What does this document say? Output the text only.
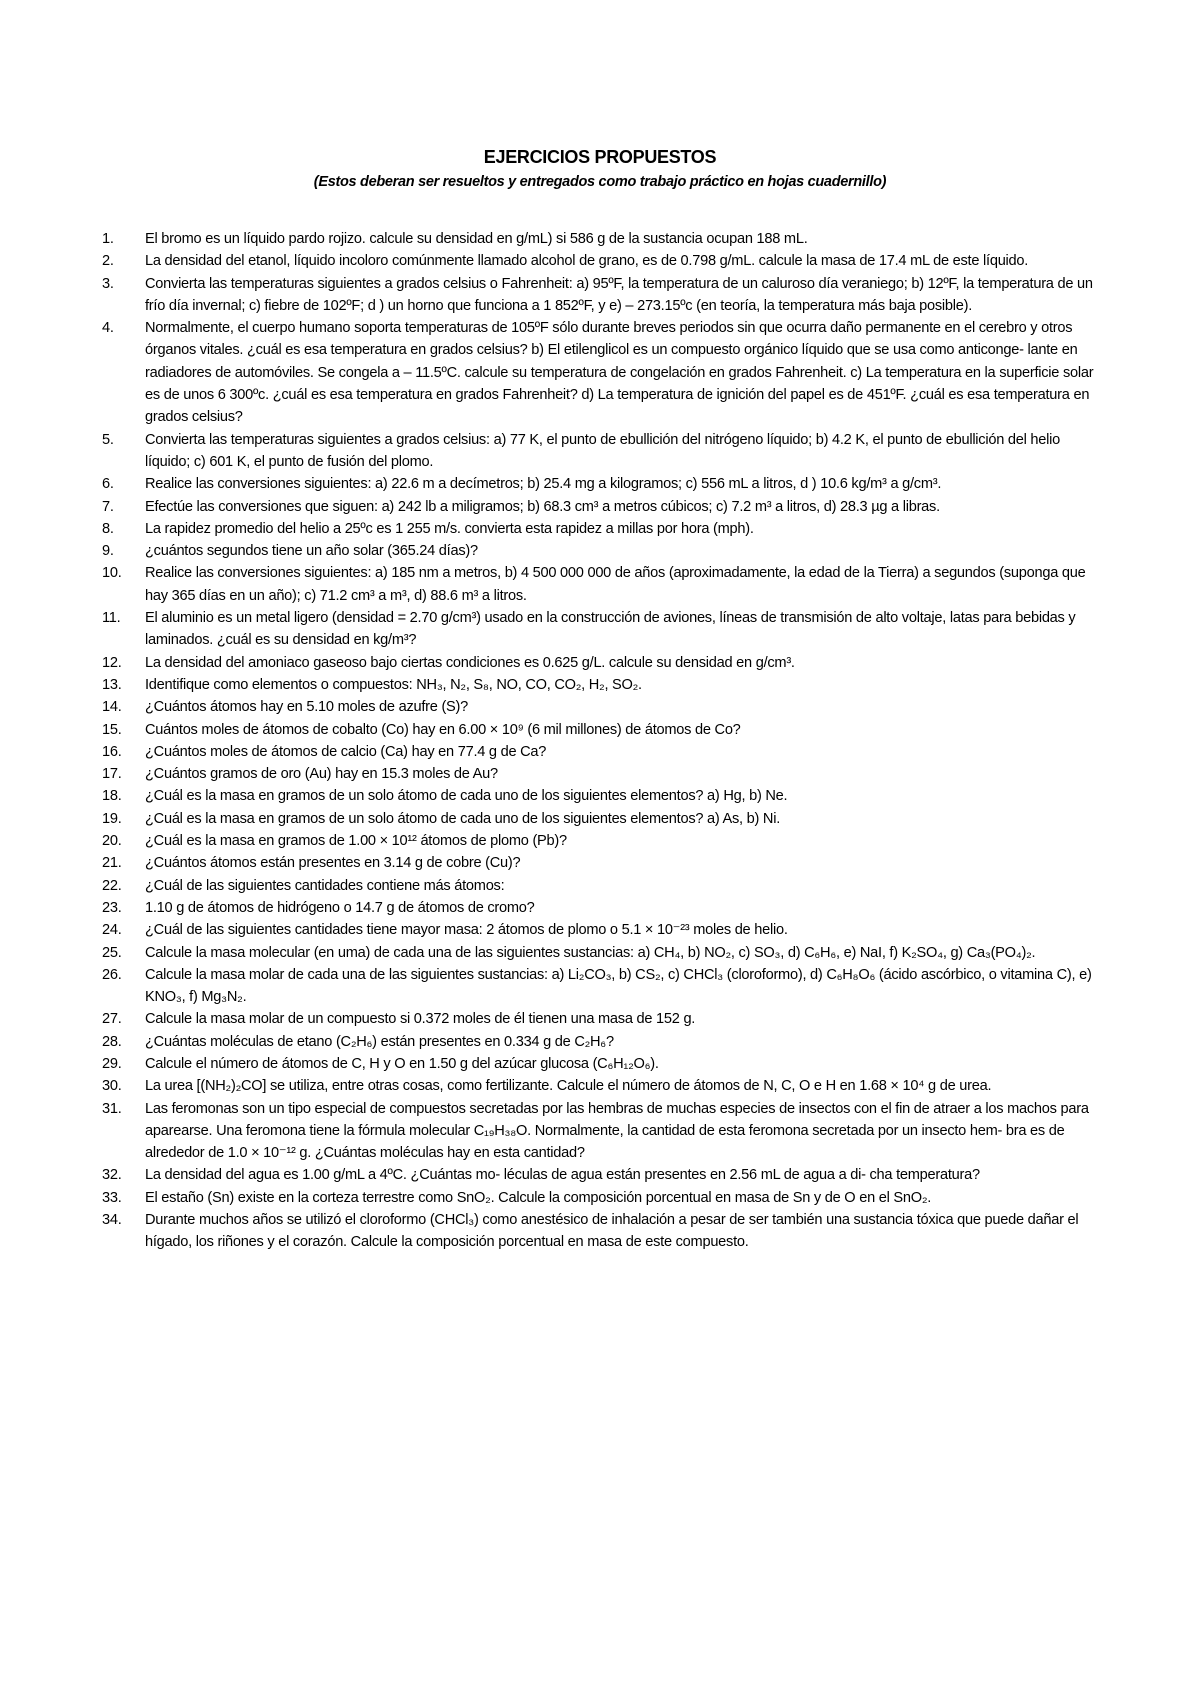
EJERCICIOS PROPUESTOS

(Estos deberan ser resueltos y entregados como trabajo práctico en hojas cuadernillo)

1.	El bromo es un líquido pardo rojizo. calcule su densidad en g/mL) si 586 g de la sustancia ocupan 188 mL.
2.	La densidad del etanol, líquido incoloro comúnmente llamado alcohol de grano, es de 0.798 g/mL. calcule la masa de 17.4 mL de este líquido.
3.	Convierta las temperaturas siguientes a grados celsius o Fahrenheit: a) 95ºF, la temperatura de un caluroso día veraniego; b) 12ºF, la temperatura de un frío día invernal; c) fiebre de 102ºF; d ) un horno que funciona a 1 852ºF, y e) – 273.15ºc (en teoría, la temperatura más baja posible).
4.	Normalmente, el cuerpo humano soporta temperaturas de 105ºF sólo durante breves periodos sin que ocurra daño permanente en el cerebro y otros órganos vitales. ¿cuál es esa temperatura en grados celsius? b) El etilenglicol es un compuesto orgánico líquido que se usa como anticonge- lante en radiadores de automóviles. Se congela a – 11.5ºC. calcule su temperatura de congelación en grados Fahrenheit. c) La temperatura en la superficie solar es de unos 6 300ºc. ¿cuál es esa temperatura en grados Fahrenheit? d) La temperatura de ignición del papel es de 451ºF. ¿cuál es esa temperatura en grados celsius?
5.	Convierta las temperaturas siguientes a grados celsius: a) 77 K, el punto de ebullición del nitrógeno líquido; b) 4.2 K, el punto de ebullición del helio líquido; c) 601 K, el punto de fusión del plomo.
6.	Realice las conversiones siguientes: a) 22.6 m a decímetros; b) 25.4 mg a kilogramos; c) 556 mL a litros, d ) 10.6 kg/m³ a g/cm³.
7.	Efectúe las conversiones que siguen: a) 242 lb a miligramos; b) 68.3 cm³ a metros cúbicos; c) 7.2 m³ a litros, d) 28.3 µg a libras.
8.	La rapidez promedio del helio a 25ºc es 1 255 m/s. convierta esta rapidez a millas por hora (mph).
9.	¿cuántos segundos tiene un año solar (365.24 días)?
10.	Realice las conversiones siguientes: a) 185 nm a metros, b) 4 500 000 000 de años (aproximadamente, la edad de la Tierra) a segundos (suponga que hay 365 días en un año); c) 71.2 cm³ a m³, d) 88.6 m³ a litros.
11.	El aluminio es un metal ligero (densidad = 2.70 g/cm³) usado en la construcción de aviones, líneas de transmisión de alto voltaje, latas para bebidas y laminados. ¿cuál es su densidad en kg/m³?
12.	La densidad del amoniaco gaseoso bajo ciertas condiciones es 0.625 g/L. calcule su densidad en g/cm³.
13.	Identifique como elementos o compuestos: NH₃, N₂, S₈, NO, CO, CO₂, H₂, SO₂.
14.	¿Cuántos átomos hay en 5.10 moles de azufre (S)?
15.	Cuántos moles de átomos de cobalto (Co) hay en 6.00 × 10⁹ (6 mil millones) de átomos de Co?
16.	¿Cuántos moles de átomos de calcio (Ca) hay en 77.4 g de Ca?
17.	¿Cuántos gramos de oro (Au) hay en 15.3 moles de Au?
18.	¿Cuál es la masa en gramos de un solo átomo de cada uno de los siguientes elementos? a) Hg, b) Ne.
19.	¿Cuál es la masa en gramos de un solo átomo de cada uno de los siguientes elementos? a) As, b) Ni.
20.	¿Cuál es la masa en gramos de 1.00 × 10¹² átomos de plomo (Pb)?
21.	¿Cuántos átomos están presentes en 3.14 g de cobre (Cu)?
22.	¿Cuál de las siguientes cantidades contiene más átomos:
23.	1.10 g de átomos de hidrógeno o 14.7 g de átomos de cromo?
24.	¿Cuál de las siguientes cantidades tiene mayor masa: 2 átomos de plomo o 5.1 × 10⁻²³ moles de helio.
25.	Calcule la masa molecular (en uma) de cada una de las siguientes sustancias: a) CH₄, b) NO₂, c) SO₃, d) C₆H₆, e) NaI, f) K₂SO₄, g) Ca₃(PO₄)₂.
26.	Calcule la masa molar de cada una de las siguientes sustancias: a) Li₂CO₃, b) CS₂, c) CHCl₃ (cloroformo), d) C₆H₈O₆ (ácido ascórbico, o vitamina C), e) KNO₃, f) Mg₃N₂.
27.	Calcule la masa molar de un compuesto si 0.372 moles de él tienen una masa de 152 g.
28.	¿Cuántas moléculas de etano (C₂H₆) están presentes en 0.334 g de C₂H₆?
29.	Calcule el número de átomos de C, H y O en 1.50 g del azúcar glucosa (C₆H₁₂O₆).
30.	La urea [(NH₂)₂CO] se utiliza, entre otras cosas, como fertilizante. Calcule el número de átomos de N, C, O e H en 1.68 × 10⁴ g de urea.
31.	Las feromonas son un tipo especial de compuestos secretadas por las hembras de muchas especies de insectos con el fin de atraer a los machos para aparearse. Una feromona tiene la fórmula molecular C₁₉H₃₈O. Normalmente, la cantidad de esta feromona secretada por un insecto hem- bra es de alrededor de 1.0 × 10⁻¹² g. ¿Cuántas moléculas hay en esta cantidad?
32.	La densidad del agua es 1.00 g/mL a 4ºC. ¿Cuántas mo- léculas de agua están presentes en 2.56 mL de agua a di- cha temperatura?
33.	El estaño (Sn) existe en la corteza terrestre como SnO₂. Calcule la composición porcentual en masa de Sn y de O en el SnO₂.
34.	Durante muchos años se utilizó el cloroformo (CHCl₃) como anestésico de inhalación a pesar de ser también una sustancia tóxica que puede dañar el hígado, los riñones y el corazón. Calcule la composición porcentual en masa de este compuesto.
